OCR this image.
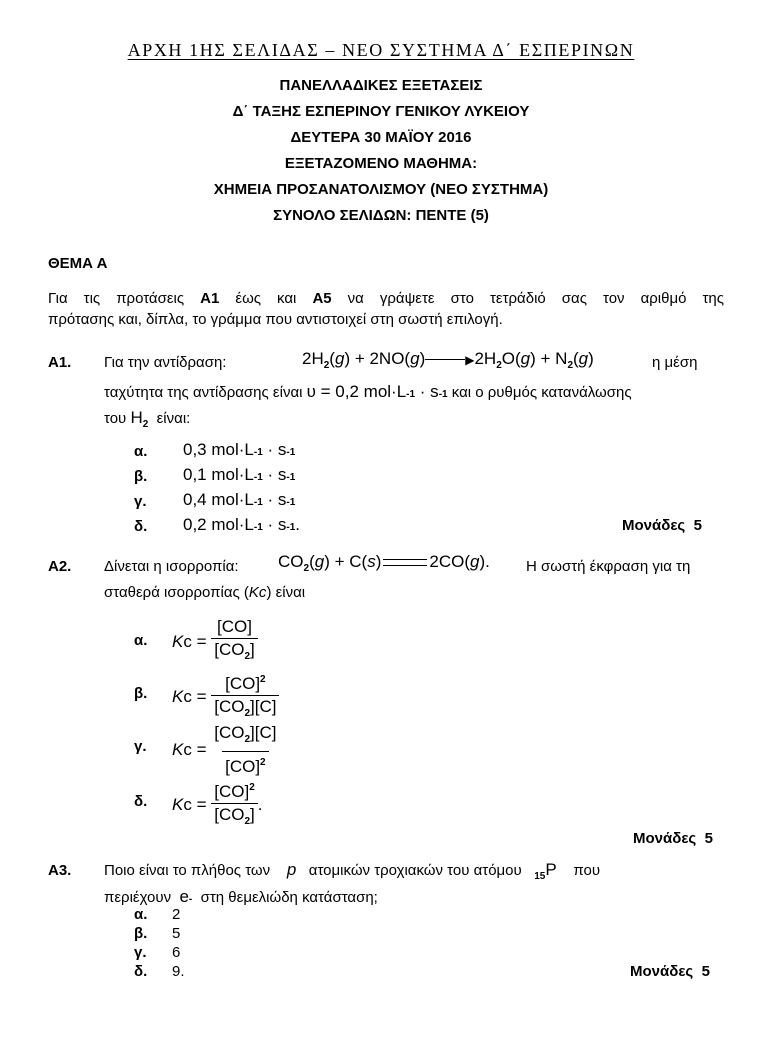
ΑΡΧΗ 1ΗΣ ΣΕΛΙΔΑΣ – ΝΕΟ ΣΥΣΤΗΜΑ Δ΄ ΕΣΠΕΡΙΝΩΝ
ΠΑΝΕΛΛΑΔΙΚΕΣ ΕΞΕΤΑΣΕΙΣ
Δ΄ ΤΑΞΗΣ ΕΣΠΕΡΙΝΟΥ ΓΕΝΙΚΟΥ ΛΥΚΕΙΟΥ
ΔΕΥΤΕΡΑ 30 ΜΑΪΟΥ 2016
ΕΞΕΤΑΖΟΜΕΝΟ ΜΑΘΗΜΑ:
ΧΗΜΕΙΑ ΠΡΟΣΑΝΑΤΟΛΙΣΜΟΥ (ΝΕΟ ΣΥΣΤΗΜΑ)
ΣΥΝΟΛΟ ΣΕΛΙΔΩΝ: ΠΕΝΤΕ (5)
ΘΕΜΑ Α
Για τις προτάσεις Α1 έως και Α5 να γράψετε στο τετράδιό σας τον αριθμό της
πρότασης και, δίπλα, το γράμμα που αντιστοιχεί στη σωστή επιλογή.
Α1. Για την αντίδραση:	$2H_2(g) + 2NO(g)$	$▶2H_2O(g) + N_2(g)$	η μέση
ταχύτητα της αντίδρασης είναι υ = 0,2 mol·L-1 · s-1 και ο ρυθμός κατανάλωσης
του $H_2$ είναι:
α. 0,3 mol·L-1 · s-1
β. 0,1 mol·L-1 · s-1
γ. 0,4 mol·L-1 · s-1
δ. 0,2 mol·L-1 · s-1.	Μονάδες 5
Α2. Δίνεται η ισορροπία: $CO_2(g) + C(s)$	2CO(g). Η σωστή έκφραση για τη
σταθερά ισορροπίας (Kc) είναι
α. $Kc = \frac{[CO]}{[CO_2]}$
β. $Kc = \frac{[CO]^2}{[CO_2][C]}$
γ. $Kc = \frac{[CO_2][C]}{[CO]^2}$
δ. $Kc = \frac{[CO]^2}{[CO_2]}$ .
Μονάδες 5
Α3. Ποιο είναι το πλήθος των p ατομικών τροχιακών του ατόμου $_{15}$P που
περιέχουν e- στη θεμελιώδη κατάσταση;
α. 2
β. 5
γ. 6
δ. 9.	Μονάδες 5
